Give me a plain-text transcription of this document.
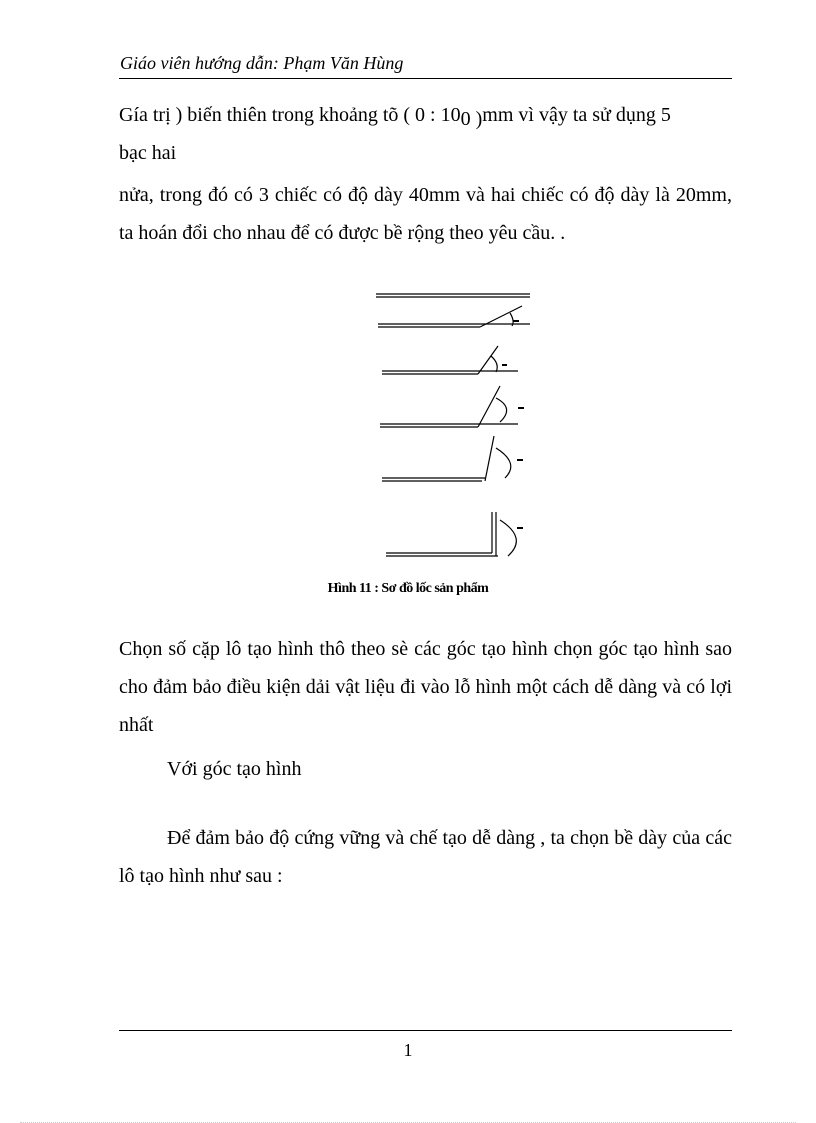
Giáo viên hướng dẫn: Phạm Văn Hùng
Gía trị ) biến thiên trong khoảng tõ ( 0 : 100 )mm vì vậy ta sử dụng 5
bạc hai
nửa, trong đó có 3 chiếc có độ dày 40mm và hai chiếc có độ dày là 20mm, ta hoán đổi cho nhau để có được bề rộng theo yêu cầu. .
Hình 11 : Sơ đồ lốc sản phẩm
Chọn số cặp lô tạo hình thô theo sè các góc tạo hình chọn góc tạo hình sao cho đảm bảo điều kiện dải vật liệu đi vào lỗ hình một cách dễ dàng và có lợi nhất
Với góc tạo hình
Để đảm bảo độ cứng vững và chế tạo dễ dàng , ta chọn bề dày của các lô tạo hình như sau :
1
